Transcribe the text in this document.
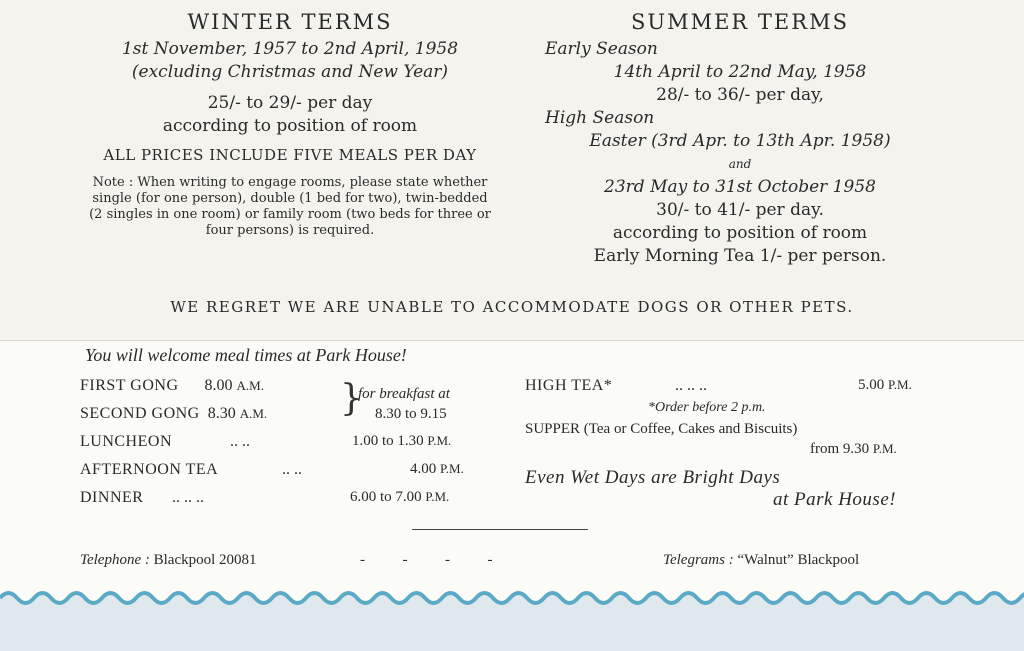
WINTER TERMS
1st November, 1957 to 2nd April, 1958
(excluding Christmas and New Year)
25/- to 29/- per day
according to position of room
ALL PRICES INCLUDE FIVE MEALS PER DAY
Note : When writing to engage rooms, please state whether single (for one person), double (1 bed for two), twin-bedded (2 singles in one room) or family room (two beds for three or four persons) is required.
SUMMER TERMS
Early Season
14th April to 22nd May, 1958
28/- to 36/- per day,
High Season
Easter (3rd Apr. to 13th Apr. 1958)
and
23rd May to 31st October 1958
30/- to 41/- per day.
according to position of room
Early Morning Tea 1/- per person.
WE REGRET WE ARE UNABLE TO ACCOMMODATE DOGS OR OTHER PETS.
You will welcome meal times at Park House!
FIRST GONG 8.00 A.M.
SECOND GONG 8.30 A.M. }
for breakfast at
8.30 to 9.15
LUNCHEON	.. ..	1.00 to 1.30 P.M.
AFTERNOON TEA	.. ..	4.00 P.M.
DINNER .. .. ..	6.00 to 7.00 P.M.
HIGH TEA*	.. .. ..	5.00 P.M.
*Order before 2 p.m.
SUPPER (Tea or Coffee, Cakes and Biscuits)
from 9.30 P.M.
Even Wet Days are Bright Days
at Park House!
Telephone : Blackpool 20081	-          -          -          -	Telegrams : “Walnut” Blackpool
